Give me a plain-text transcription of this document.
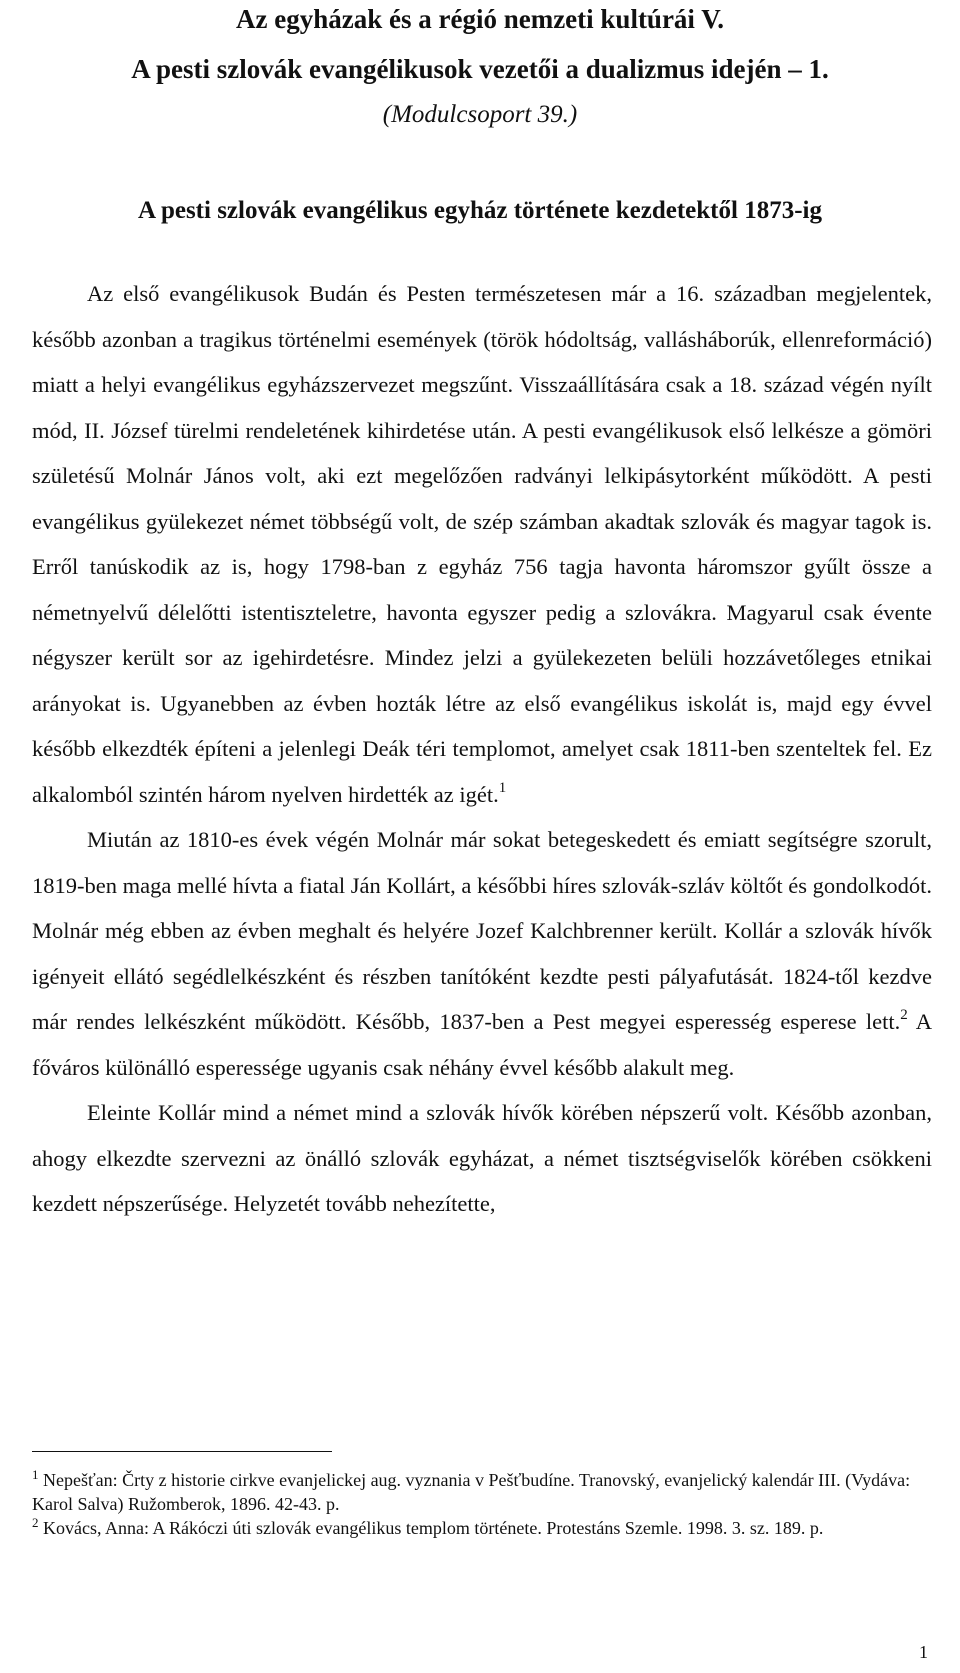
Az egyházak és a régió nemzeti kultúrái V.
A pesti szlovák evangélikusok vezetői a dualizmus idején – 1.
(Modulcsoport 39.)
A pesti szlovák evangélikus egyház története kezdetektől 1873-ig

Az első evangélikusok Budán és Pesten természetesen már a 16. században megjelentek, később azonban a tragikus történelmi események (török hódoltság, vallásháborúk, ellenreformáció) miatt a helyi evangélikus egyházszervezet megszűnt. Visszaállítására csak a 18. század végén nyílt mód, II. József türelmi rendeletének kihirdetése után. A pesti evangélikusok első lelkésze a gömöri születésű Molnár János volt, aki ezt megelőzően radványi lelkipásytorként működött. A pesti evangélikus gyülekezet német többségű volt, de szép számban akadtak szlovák és magyar tagok is. Erről tanúskodik az is, hogy 1798-ban z egyház 756 tagja havonta háromszor gyűlt össze a németnyelvű délelőtti istentiszteletre, havonta egyszer pedig a szlovákra. Magyarul csak évente négyszer került sor az igehirdetésre. Mindez jelzi a gyülekezeten belüli hozzávetőleges etnikai arányokat is. Ugyanebben az évben hozták létre az első evangélikus iskolát is, majd egy évvel később elkezdték építeni a jelenlegi Deák téri templomot, amelyet csak 1811-ben szenteltek fel. Ez alkalomból szintén három nyelven hirdették az igét.$^1$

Miután az 1810-es évek végén Molnár már sokat betegeskedett és emiatt segítségre szorult, 1819-ben maga mellé hívta a fiatal Ján Kollárt, a későbbi híres szlovák-szláv költőt és gondolkodót. Molnár még ebben az évben meghalt és helyére Jozef Kalchbrenner került. Kollár a szlovák hívők igényeit ellátó segédlelkészként és részben tanítóként kezdte pesti pályafutását. 1824-től kezdve már rendes lelkészként működött. Később, 1837-ben a Pest megyei esperesség esperese lett.$^2$ A főváros különálló esperessége ugyanis csak néhány évvel később alakult meg.

Eleinte Kollár mind a német mind a szlovák hívők körében népszerű volt. Később azonban, ahogy elkezdte szervezni az önálló szlovák egyházat, a német tisztségviselők körében csökkeni kezdett népszerűsége. Helyzetét tovább nehezítette,

$^1$ Nepešťan: Črty z historie cirkve evanjelickej aug. vyznania v Pešťbudíne. Tranovský, evanjelický kalendár III. (Vydáva: Karol Salva) Ružomberok, 1896. 42-43. p.

$^2$ Kovács, Anna: A Rákóczi úti szlovák evangélikus templom története. Protestáns Szemle. 1998. 3. sz. 189. p.

1
